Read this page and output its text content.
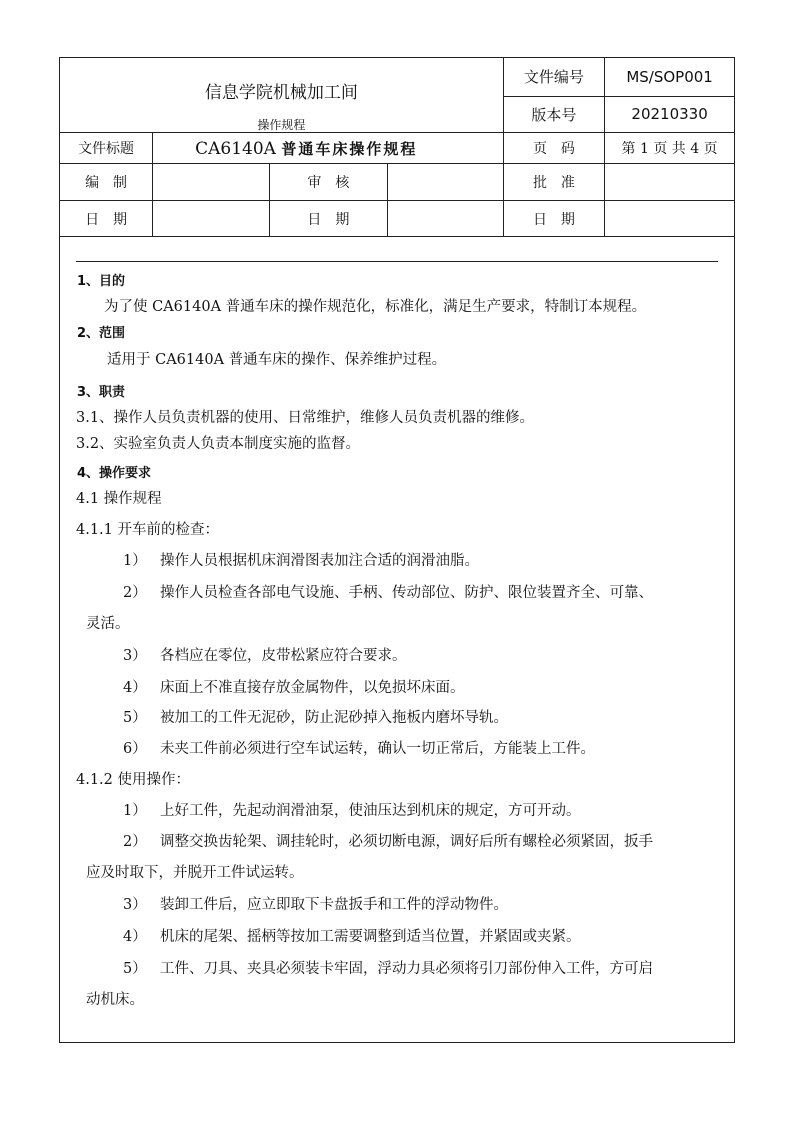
信息学院机械加工间
操作规程				文件编号	MS/SOP001
				版本号	20210330
文件标题	CA6140A 普通车床操作规程			页　码	第 1 页 共 4 页
编　制		审　核		批　准	
日　期		日　期		日　期	
1、目的
为了使 CA6140A 普通车床的操作规范化，标准化，满足生产要求，特制订本规程。
2、范围
适用于 CA6140A 普通车床的操作、保养维护过程。
3、职责
3.1、操作人员负责机器的使用、日常维护，维修人员负责机器的维修。
3.2、实验室负责人负责本制度实施的监督。
4、操作要求
4.1 操作规程
4.1.1 开车前的检查：
1） 操作人员根据机床润滑图表加注合适的润滑油脂。
2） 操作人员检查各部电气设施、手柄、传动部位、防护、限位装置齐全、可靠、
灵活。
3） 各档应在零位，皮带松紧应符合要求。
4） 床面上不准直接存放金属物件，以免损坏床面。
5） 被加工的工件无泥砂，防止泥砂掉入拖板内磨坏导轨。
6） 未夹工件前必须进行空车试运转，确认一切正常后，方能装上工件。
4.1.2 使用操作：
1） 上好工件，先起动润滑油泵，使油压达到机床的规定，方可开动。
2） 调整交换齿轮架、调挂轮时，必须切断电源，调好后所有螺栓必须紧固，扳手
应及时取下，并脱开工件试运转。
3） 装卸工件后，应立即取下卡盘扳手和工件的浮动物件。
4） 机床的尾架、摇柄等按加工需要调整到适当位置，并紧固或夹紧。
5） 工件、刀具、夹具必须装卡牢固，浮动力具必须将引刀部份伸入工件，方可启
动机床。
